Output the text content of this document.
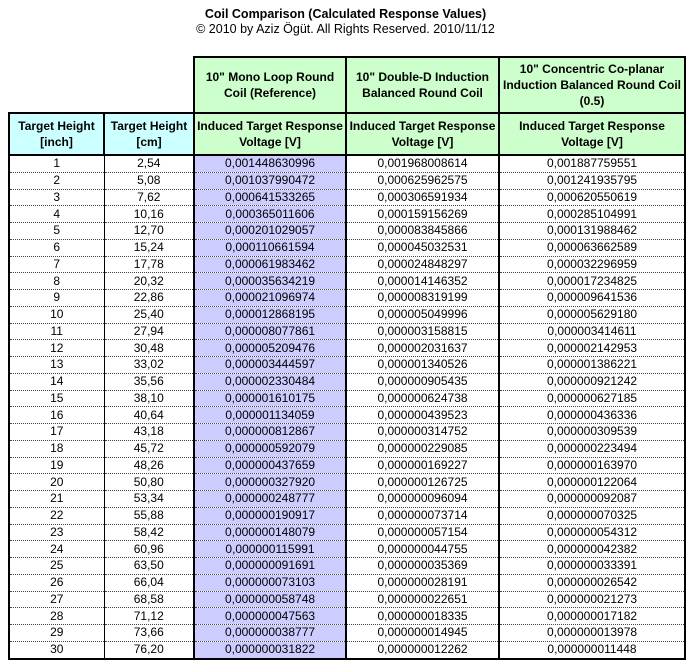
Coil Comparison (Calculated Response Values)
© 2010 by Aziz Ögüt. All Rights Reserved. 2010/11/12
		10" Mono Loop Round Coil (Reference)	10" Double-D Induction Balanced Round Coil	10" Concentric Co-planar Induction Balanced Round Coil (0.5)
Target Height [inch]	Target Height [cm]	Induced Target Response Voltage [V]	Induced Target Response Voltage [V]	Induced Target Response Voltage [V]
1	2,54	0,001448630996	0,001968008614	0,001887759551
2	5,08	0,001037990472	0,000625962575	0,001241935795
3	7,62	0,000641533265	0,000306591934	0,000620550619
4	10,16	0,000365011606	0,000159156269	0,000285104991
5	12,70	0,000201029057	0,000083845866	0,000131988462
6	15,24	0,000110661594	0,000045032531	0,000063662589
7	17,78	0,000061983462	0,000024848297	0,000032296959
8	20,32	0,000035634219	0,000014146352	0,000017234825
9	22,86	0,000021096974	0,000008319199	0,000009641536
10	25,40	0,000012868195	0,000005049996	0,000005629180
11	27,94	0,000008077861	0,000003158815	0,000003414611
12	30,48	0,000005209476	0,000002031637	0,000002142953
13	33,02	0,000003444597	0,000001340526	0,000001386221
14	35,56	0,000002330484	0,000000905435	0,000000921242
15	38,10	0,000001610175	0,000000624738	0,000000627185
16	40,64	0,000001134059	0,000000439523	0,000000436336
17	43,18	0,000000812867	0,000000314752	0,000000309539
18	45,72	0,000000592079	0,000000229085	0,000000223494
19	48,26	0,000000437659	0,000000169227	0,000000163970
20	50,80	0,000000327920	0,000000126725	0,000000122064
21	53,34	0,000000248777	0,000000096094	0,000000092087
22	55,88	0,000000190917	0,000000073714	0,000000070325
23	58,42	0,000000148079	0,000000057154	0,000000054312
24	60,96	0,000000115991	0,000000044755	0,000000042382
25	63,50	0,000000091691	0,000000035369	0,000000033391
26	66,04	0,000000073103	0,000000028191	0,000000026542
27	68,58	0,000000058748	0,000000022651	0,000000021273
28	71,12	0,000000047563	0,000000018335	0,000000017182
29	73,66	0,000000038777	0,000000014945	0,000000013978
30	76,20	0,000000031822	0,000000012262	0,000000011448
